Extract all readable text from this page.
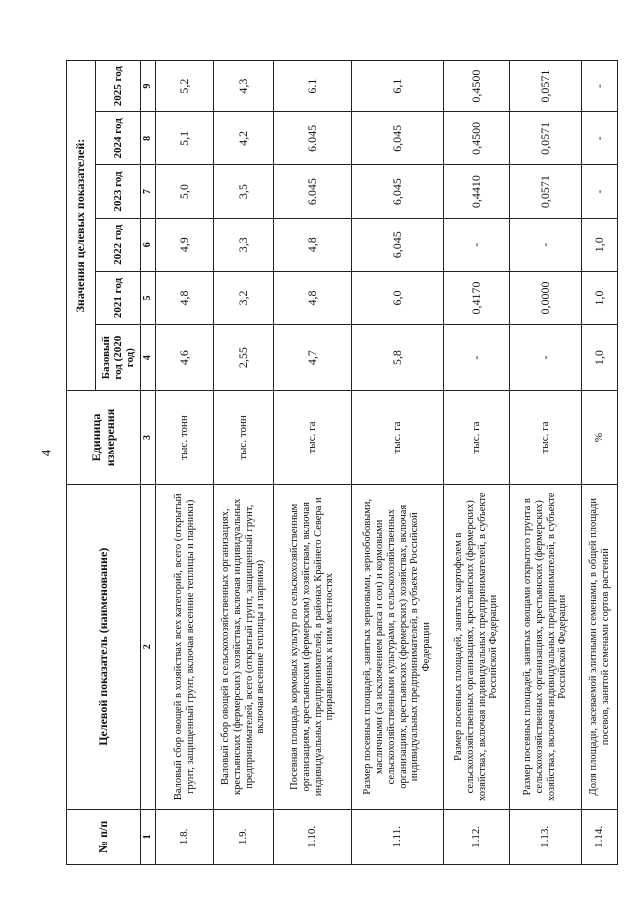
4
№ п/п	Целевой показатель (наименование)	Единица измерения	Значения целевых показателей:					
			Базовый год (2020 год)	2021 год	2022 год	2023 год	2024 год	2025 год
1	2	3	4	5	6	7	8	9
1.8.	Валовый сбор овощей в хозяйствах всех категорий, всего (открытый грунт, защищенный грунт, включая весенние теплицы и парники)	тыс. тонн	4,6	4,8	4,9	5,0	5,1	5,2
1.9.	Валовый сбор овощей в сельскохозяйственных организациях, крестьянских (фермерских) хозяйствах, включая индивидуальных предпринимателей, всего (открытый грунт, защищенный грунт, включая весенние теплицы и парники)	тыс. тонн	2,55	3,2	3,3	3,5	4,2	4,3
1.10.	Посевная площадь кормовых культур по сельскохозяйственным организациям, крестьянским (фермерским) хозяйствам, включая индивидуальных предпринимателей, в районах Крайнего Севера и приравненных к ним местностях	тыс. га	4,7	4,8	4,8	6.045	6.045	6.1
1.11.	Размер посевных площадей, занятых зерновыми, зернобобовыми, масличными (за исключением рапса и сои) и кормовыми сельскохозяйственными культурами, в сельскохозяйственных организациях, крестьянских (фермерских) хозяйствах, включая индивидуальных предпринимателей, в субъекте Российской Федерации	тыс. га	5,8	6,0	6,045	6,045	6,045	6,1
1.12.	Размер посевных площадей, занятых картофелем в сельскохозяйственных организациях, крестьянских (фермерских) хозяйствах, включая индивидуальных предпринимателей, в субъекте Российской Федерации	тыс. га	-	0,4170	-	0,4410	0,4500	0,4500
1.13.	Размер посевных площадей, занятых овощами открытого грунта в сельскохозяйственных организациях, крестьянских (фермерских) хозяйствах, включая индивидуальных предпринимателей, в субъекте Российской Федерации	тыс. га	-	0,0000	-	0,0571	0,0571	0,0571
1.14.	Доля площади, засеваемой элитными семенами, в общей площади посевов, занятой семенами сортов растений	%	1,0	1,0	1,0	-	-	-
